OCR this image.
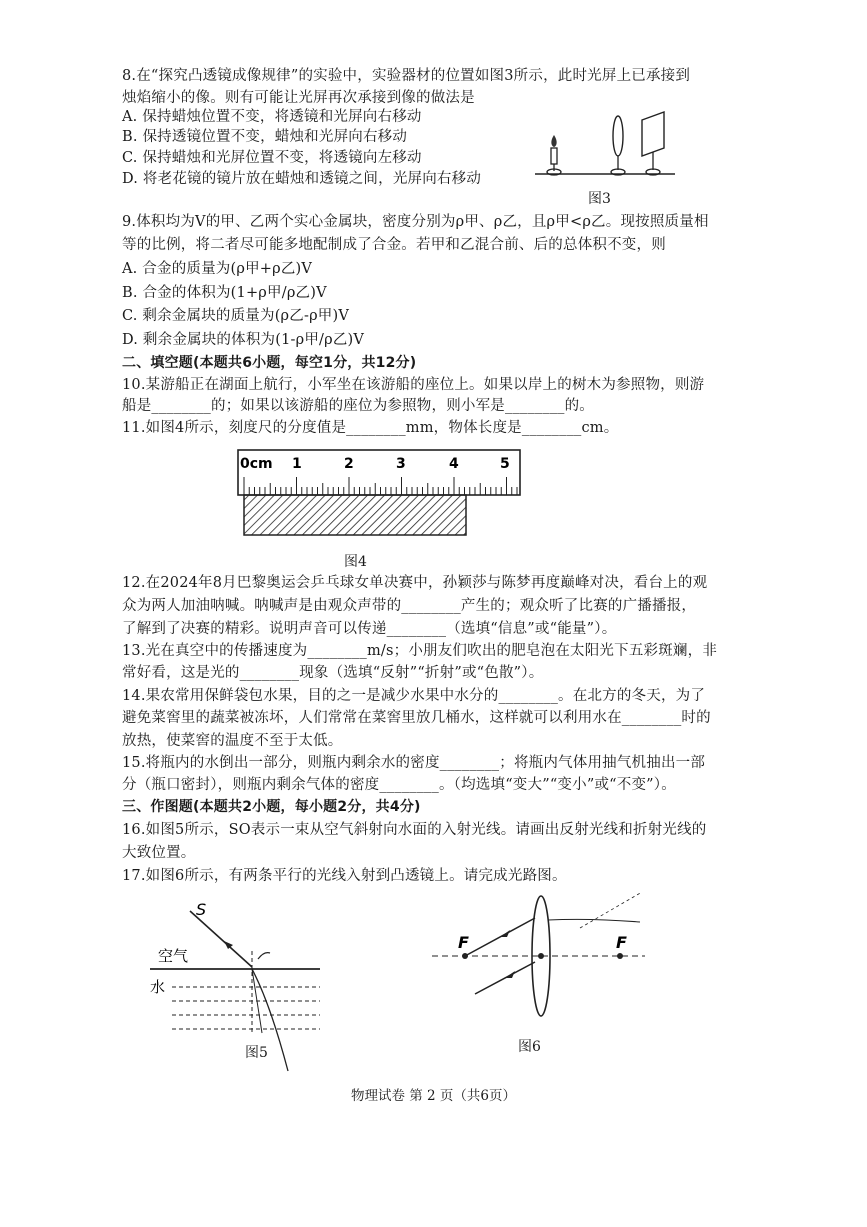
8.在“探究凸透镜成像规律”的实验中，实验器材的位置如图3所示，此时光屏上已承接到
烛焰缩小的像。则有可能让光屏再次承接到像的做法是
A. 保持蜡烛位置不变，将透镜和光屏向右移动
B. 保持透镜位置不变，蜡烛和光屏向右移动
C. 保持蜡烛和光屏位置不变，将透镜向左移动
D. 将老花镜的镜片放在蜡烛和透镜之间，光屏向右移动
图3
9.体积均为V的甲、乙两个实心金属块，密度分别为ρ甲、ρ乙，且ρ甲<ρ乙。现按照质量相
等的比例，将二者尽可能多地配制成了合金。若甲和乙混合前、后的总体积不变，则
A. 合金的质量为(ρ甲+ρ乙)V
B. 合金的体积为(1+ρ甲/ρ乙)V
C. 剩余金属块的质量为(ρ乙-ρ甲)V
D. 剩余金属块的体积为(1-ρ甲/ρ乙)V
二、填空题(本题共6小题，每空1分，共12分)
10.某游船正在湖面上航行，小军坐在该游船的座位上。如果以岸上的树木为参照物，则游
船是________的；如果以该游船的座位为参照物，则小军是________的。
11.如图4所示，刻度尺的分度值是________mm，物体长度是________cm。
0cm 1	2	3	4	5
图4
12.在2024年8月巴黎奥运会乒乓球女单决赛中，孙颖莎与陈梦再度巅峰对决，看台上的观
众为两人加油呐喊。呐喊声是由观众声带的________产生的；观众听了比赛的广播播报，
了解到了决赛的精彩。说明声音可以传递________（选填“信息”或“能量”）。
13.光在真空中的传播速度为________m/s；小朋友们吹出的肥皂泡在太阳光下五彩斑斓，非
常好看，这是光的________现象（选填“反射”“折射”或“色散”）。
14.果农常用保鲜袋包水果，目的之一是减少水果中水分的________。在北方的冬天，为了
避免菜窖里的蔬菜被冻坏，人们常常在菜窖里放几桶水，这样就可以利用水在________时的
放热，使菜窖的温度不至于太低。
15.将瓶内的水倒出一部分，则瓶内剩余水的密度________；将瓶内气体用抽气机抽出一部
分（瓶口密封），则瓶内剩余气体的密度________。（均选填“变大”“变小”或“不变”）。
三、作图题(本题共2小题，每小题2分，共4分)
16.如图5所示，SO表示一束从空气斜射向水面的入射光线。请画出反射光线和折射光线的
大致位置。
17.如图6所示，有两条平行的光线入射到凸透镜上。请完成光路图。
S
空气
水
图5
F	F
图6
物理试卷 第 2 页（共6页）
